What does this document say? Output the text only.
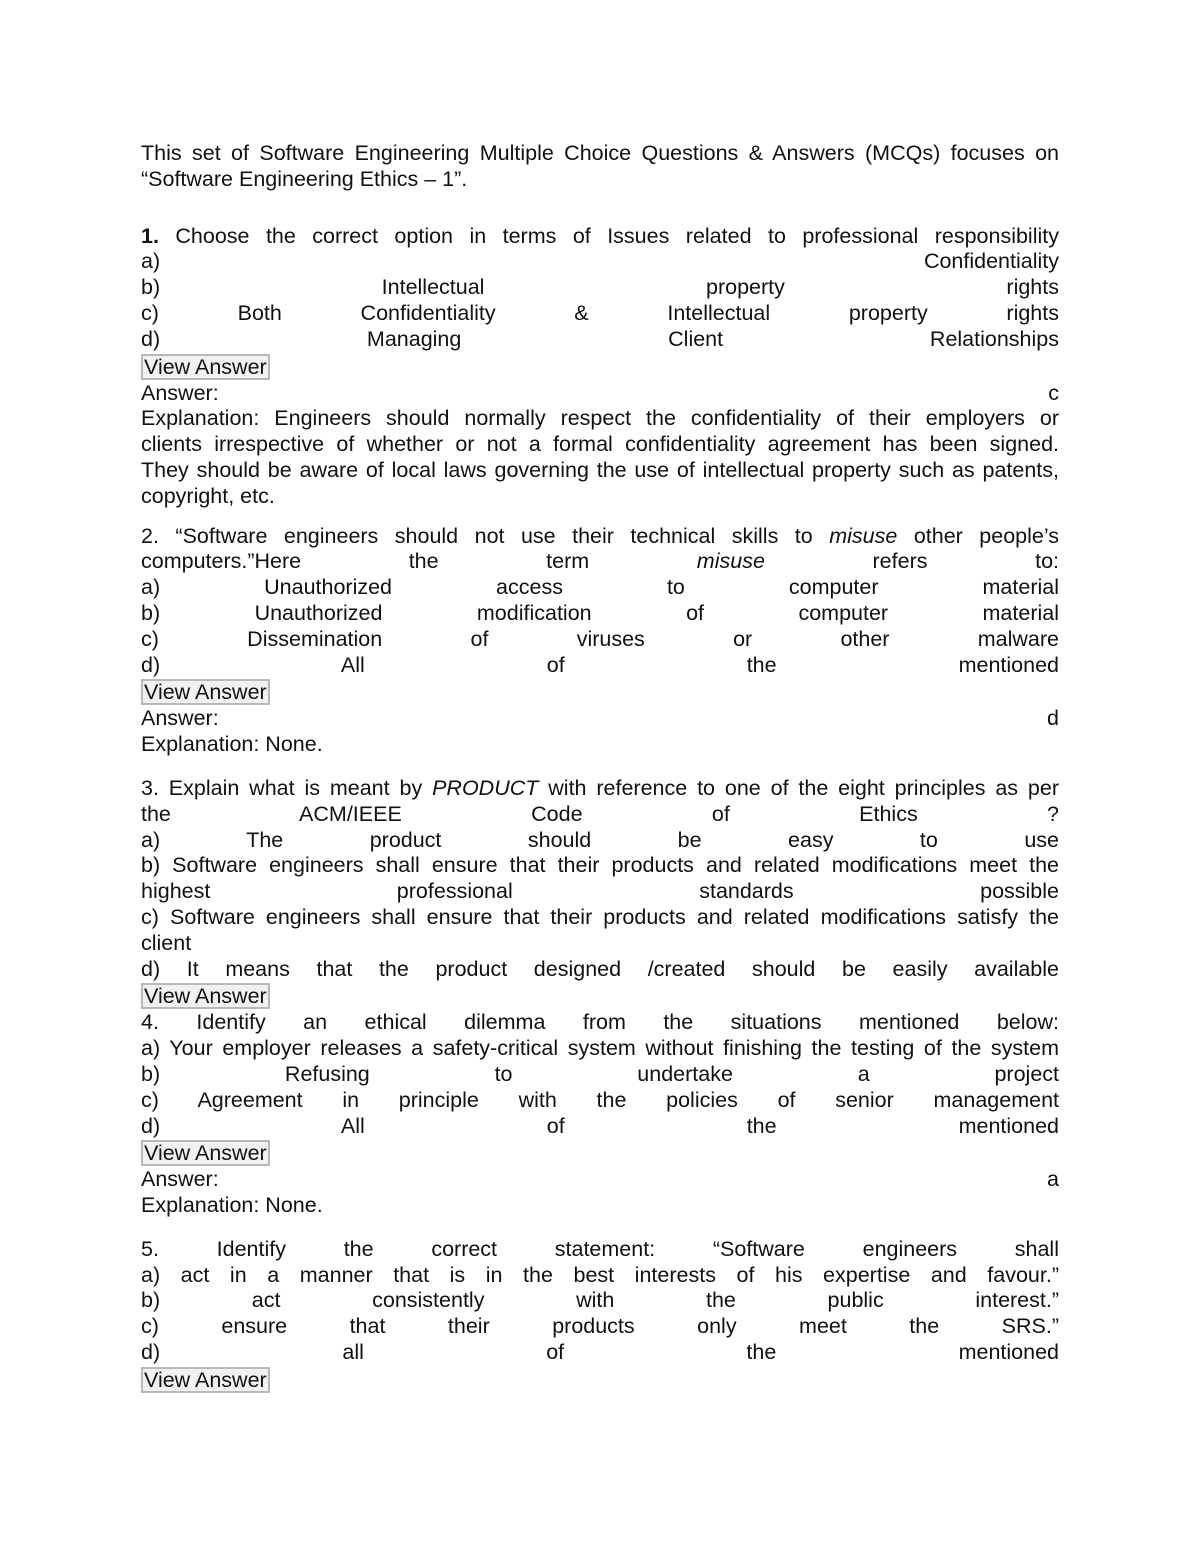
This set of Software Engineering Multiple Choice Questions & Answers (MCQs) focuses on
“Software Engineering Ethics – 1”.

1. Choose the correct option in terms of Issues related to professional responsibility
a) Confidentiality
b) Intellectual property rights
c) Both Confidentiality & Intellectual property rights
d) Managing Client Relationships
View Answer
Answer:	c
Explanation: Engineers should normally respect the confidentiality of their employers or
clients irrespective of whether or not a formal confidentiality agreement has been signed.
They should be aware of local laws governing the use of intellectual property such as patents,
copyright, etc.
2. “Software engineers should not use their technical skills to misuse other people’s
computers.”Here the term	misuse	refers	to:
a) Unauthorized access to computer material
b) Unauthorized modification of computer material
c) Dissemination of viruses or other malware
d) All of the mentioned
View Answer
Answer:	d
Explanation: None.
3. Explain what is meant by PRODUCT with reference to one of the eight principles as per
the ACM/IEEE Code of Ethics ?
a) The product should be easy to use
b) Software engineers shall ensure that their products and related modifications meet the
highest professional standards possible
c) Software engineers shall ensure that their products and related modifications satisfy the
client
d) It means that the product designed /created should be easily available
View Answer
4. Identify an ethical dilemma from the situations mentioned below:
a) Your employer releases a safety-critical system without finishing the testing of the system
b) Refusing to undertake a project
c) Agreement in principle with the policies of senior management
d) All of the mentioned
View Answer
Answer:	a
Explanation: None.
5. Identify the correct statement: “Software engineers shall
a) act in a manner that is in the best interests of his expertise and favour.”
b) act consistently with the public interest.”
c) ensure that their products only meet the SRS.”
d) all of the mentioned
View Answer
